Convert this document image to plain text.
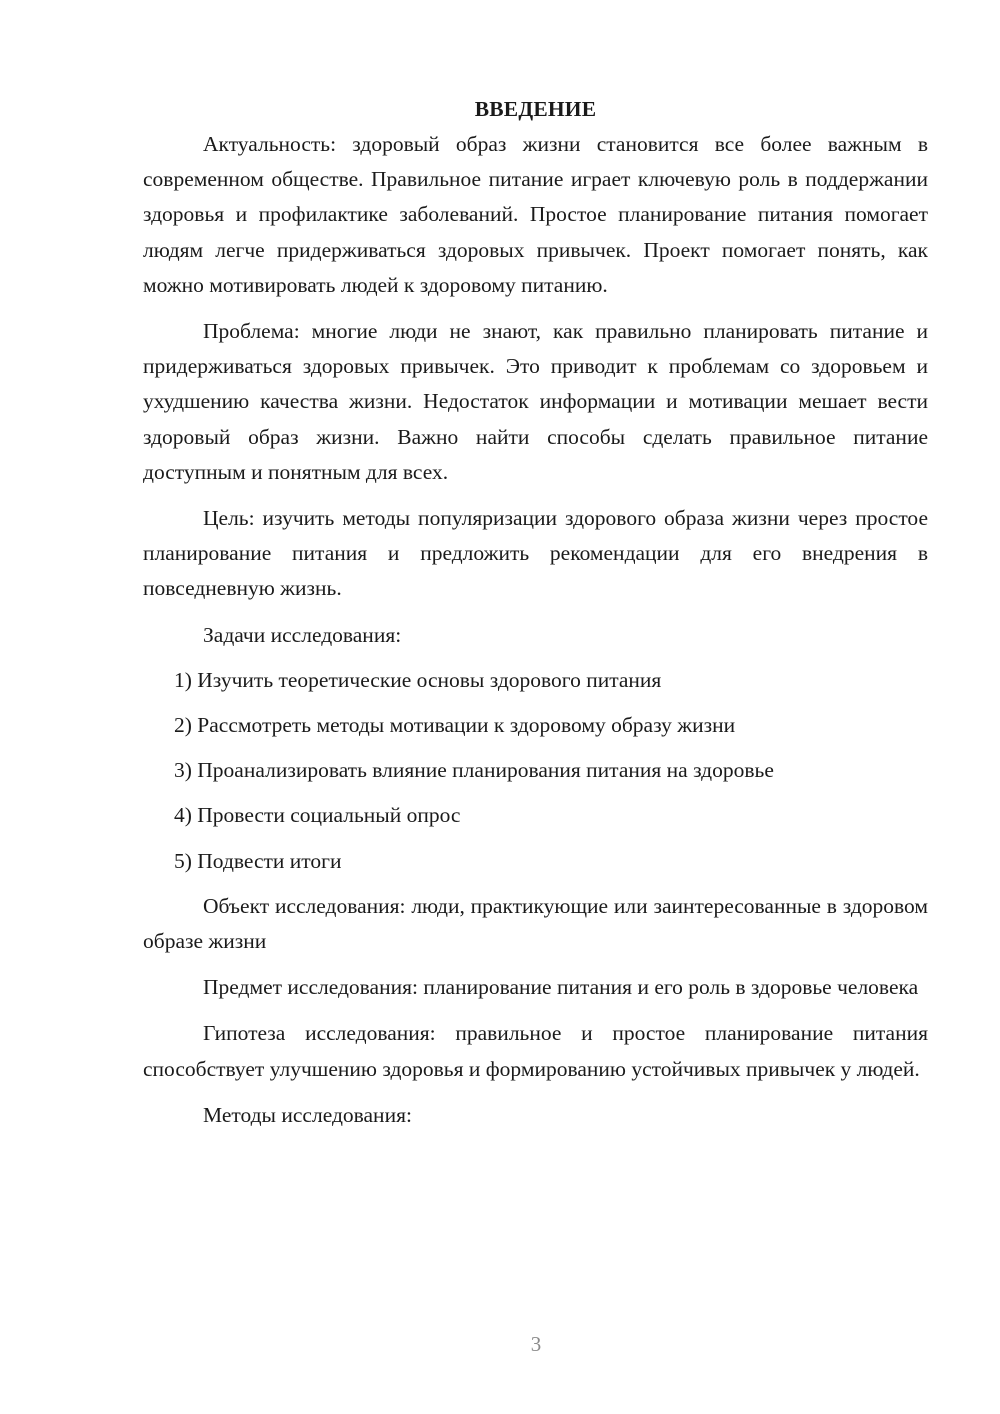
ВВЕДЕНИЕ

Актуальность: здоровый образ жизни становится все более важным в современном обществе. Правильное питание играет ключевую роль в поддержании здоровья и профилактике заболеваний. Простое планирование питания помогает людям легче придерживаться здоровых привычек. Проект помогает понять, как можно мотивировать людей к здоровому питанию.

Проблема: многие люди не знают, как правильно планировать питание и придерживаться здоровых привычек. Это приводит к проблемам со здоровьем и ухудшению качества жизни. Недостаток информации и мотивации мешает вести здоровый образ жизни. Важно найти способы сделать правильное питание доступным и понятным для всех.

Цель: изучить методы популяризации здорового образа жизни через простое планирование питания и предложить рекомендации для его внедрения в повседневную жизнь.

Задачи исследования:

1) Изучить теоретические основы здорового питания
2) Рассмотреть методы мотивации к здоровому образу жизни
3) Проанализировать влияние планирования питания на здоровье
4) Провести социальный опрос
5) Подвести итоги

Объект исследования: люди, практикующие или заинтересованные в здоровом образе жизни

Предмет исследования: планирование питания и его роль в здоровье человека

Гипотеза исследования: правильное и простое планирование питания способствует улучшению здоровья и формированию устойчивых привычек у людей.

Методы исследования:

3
